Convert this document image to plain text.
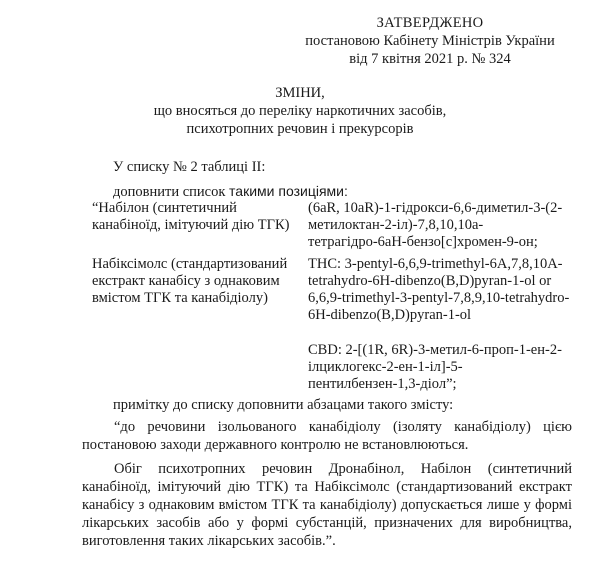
ЗАТВЕРДЖЕНО
постановою Кабінету Міністрів України
від 7 квітня 2021 р. № 324
ЗМІНИ,
що вносяться до переліку наркотичних засобів,
психотропних речовин і прекурсорів
У списку № 2 таблиці ІІ:
доповнити список такими позиціями:
“Набілон (синтетичний канабіноїд, імітуючий дію ТГК)
(6aR, 10aR)-1-гідрокси-6,6-диметил-3-(2-метилоктан-2-іл)-7,8,10,10a-тетрагідро-6аН-бензо[c]хромен-9-он;
Набіксімолс (стандартизований екстракт канабісу з однаковим вмістом ТГК та канабідіолу)
THC: 3-pentyl-6,6,9-trimethyl-6A,7,8,10A-tetrahydro-6H-dibenzo(B,D)pyran-1-ol or 6,6,9-trimethyl-3-pentyl-7,8,9,10-tetrahydro-6H-dibenzo(B,D)pyran-1-ol
CBD: 2-[(1R, 6R)-3-метил-6-проп-1-ен-2-ілциклогекс-2-ен-1-іл]-5-пентилбензен-1,3-діол”;
примітку до списку доповнити абзацами такого змісту:
“до речовини ізольованого канабідіолу (ізоляту канабідіолу) цією постановою заходи державного контролю не встановлюються.
Обіг психотропних речовин Дронабінол, Набілон (синтетичний канабіноїд, імітуючий дію ТГК) та Набіксімолс (стандартизований екстракт канабісу з однаковим вмістом ТГК та канабідіолу) допускається лише у формі лікарських засобів або у формі субстанцій, призначених для виробництва, виготовлення таких лікарських засобів.”.
